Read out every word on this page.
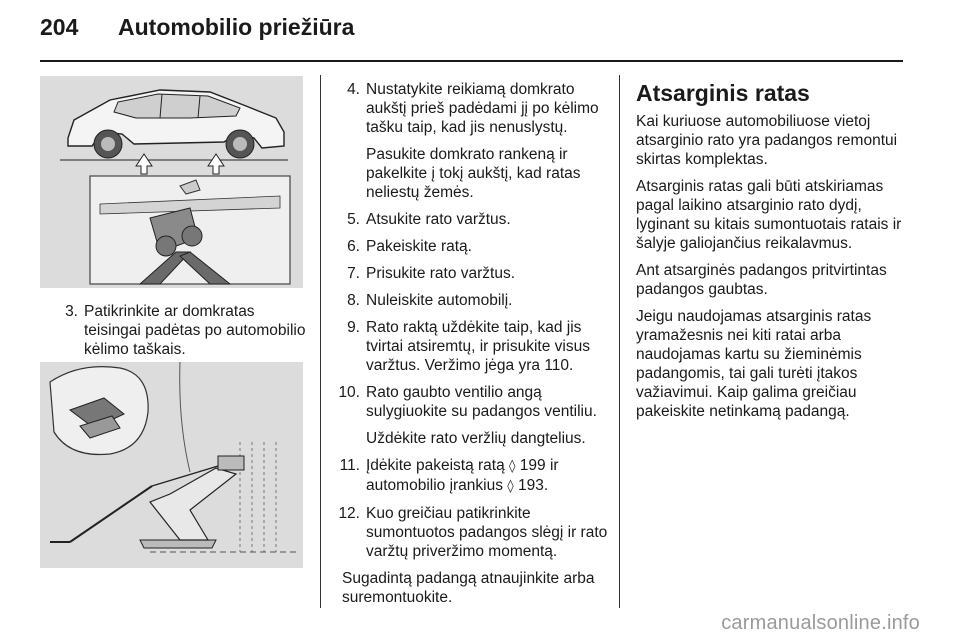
204 Automobilio priežiūra
3. Patikrinkite ar domkratas teisingai padėtas po automobilio kėlimo taškais.
4. Nustatykite reikiamą domkrato aukštį prieš padėdami jį po kėlimo tašku taip, kad jis nenuslystų.
Pasukite domkrato rankeną ir pakelkite į tokį aukštį, kad ratas neliestų žemės.
5. Atsukite rato varžtus.
6. Pakeiskite ratą.
7. Prisukite rato varžtus.
8. Nuleiskite automobilį.
9. Rato raktą uždėkite taip, kad jis tvirtai atsiremtų, ir prisukite visus varžtus. Veržimo jėga yra 110.
10. Rato gaubto ventilio angą sulygiuokite su padangos ventiliu.
Uždėkite rato veržlių dangtelius.
11. Įdėkite pakeistą ratą ◊ 199 ir automobilio įrankius ◊ 193.
12. Kuo greičiau patikrinkite sumontuotos padangos slėgį ir rato varžtų priveržimo momentą.

Sugadintą padangą atnaujinkite arba suremontuokite.

Atsarginis ratas

Kai kuriuose automobiliuose vietoj atsarginio rato yra padangos remontui skirtas komplektas.

Atsarginis ratas gali būti atskiriamas pagal laikino atsarginio rato dydį, lyginant su kitais sumontuotais ratais ir šalyje galiojančius reikalavmus.

Ant atsarginės padangos pritvirtintas padangos gaubtas.

Jeigu naudojamas atsarginis ratas yramažesnis nei kiti ratai arba naudojamas kartu su žieminėmis padangomis, tai gali turėti įtakos važiavimui. Kaip galima greičiau pakeiskite netinkamą padangą.

carmanualsonline.info
